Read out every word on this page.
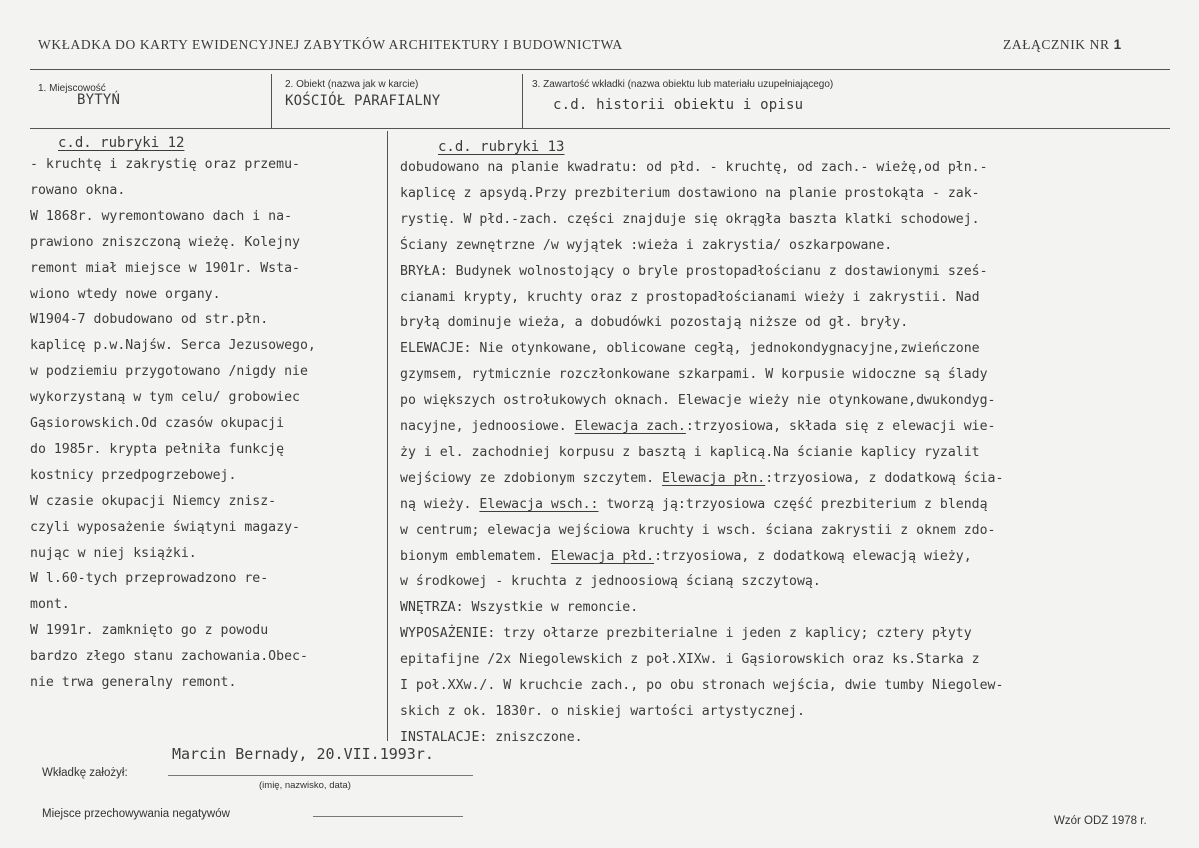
WKŁADKA DO KARTY EWIDENCYJNEJ ZABYTKÓW ARCHITEKTURY I BUDOWNICTWA	ZAŁĄCZNIK NR 1
1. Miejscowość
BYTYŃ
2. Obiekt (nazwa jak w karcie)
KOŚCIÓŁ PARAFIALNY
3. Zawartość wkładki (nazwa obiektu lub materiału uzupełniającego)
c.d. historii obiektu i opisu
c.d. rubryki 12	c.d. rubryki 13
- kruchtę i zakrystię oraz przemu-
rowano okna.
W 1868r. wyremontowano dach i na-
prawiono zniszczoną wieżę. Kolejny
remont miał miejsce w 1901r. Wsta-
wiono wtedy nowe organy.
W1904-7 dobudowano od str.płn.
kaplicę p.w.Najśw. Serca Jezusowego,
w podziemiu przygotowano /nigdy nie
wykorzystaną w tym celu/ grobowiec
Gąsiorowskich.Od czasów okupacji
do 1985r. krypta pełniła funkcję
kostnicy przedpogrzebowej.
W czasie okupacji Niemcy znisz-
czyli wyposażenie świątyni magazy-
nując w niej książki.
W l.60-tych przeprowadzono re-
mont.
W 1991r. zamknięto go z powodu
bardzo złego stanu zachowania.Obec-
nie trwa generalny remont.
dobudowano na planie kwadratu: od płd. - kruchtę, od zach.- wieżę,od płn.-
kaplicę z apsydą.Przy prezbiterium dostawiono na planie prostokąta - zak-
rystię. W płd.-zach. części znajduje się okrągła baszta klatki schodowej.
Ściany zewnętrzne /w wyjątek :wieża i zakrystia/ oszkarpowane.
BRYŁA: Budynek wolnostojący o bryle prostopadłościanu z dostawionymi sześ-
cianami krypty, kruchty oraz z prostopadłościanami wieży i zakrystii. Nad
bryłą dominuje wieża, a dobudówki pozostają niższe od gł. bryły.
ELEWACJE: Nie otynkowane, oblicowane cegłą, jednokondygnacyjne,zwieńczone
gzymsem, rytmicznie rozczłonkowane szkarpami. W korpusie widoczne są ślady
po większych ostrołukowych oknach. Elewacje wieży nie otynkowane,dwukondyg-
nacyjne, jednoosiowe. Elewacja zach.:trzyosiowa, składa się z elewacji wie-
ży i el. zachodniej korpusu z basztą i kaplicą.Na ścianie kaplicy ryzalit
wejściowy ze zdobionym szczytem. Elewacja płn.:trzyosiowa, z dodatkową ścia-
ną wieży. Elewacja wsch.: tworzą ją:trzyosiowa część prezbiterium z blendą
w centrum; elewacja wejściowa kruchty i wsch. ściana zakrystii z oknem zdo-
bionym emblematem. Elewacja płd.:trzyosiowa, z dodatkową elewacją wieży,
w środkowej - kruchta z jednoosiową ścianą szczytową.
WNĘTRZA: Wszystkie w remoncie.
WYPOSAŻENIE: trzy ołtarze prezbiterialne i jeden z kaplicy; cztery płyty
epitafijne /2x Niegolewskich z poł.XIXw. i Gąsiorowskich oraz ks.Starka z
I poł.XXw./. W kruchcie zach., po obu stronach wejścia, dwie tumby Niegolew-
skich z ok. 1830r. o niskiej wartości artystycznej.
INSTALACJE: zniszczone.
Marcin Bernady, 20.VII.1993r.
Wkładkę założył:
(imię, nazwisko, data)
Miejsce przechowywania negatywów
Wzór ODZ 1978 r.
